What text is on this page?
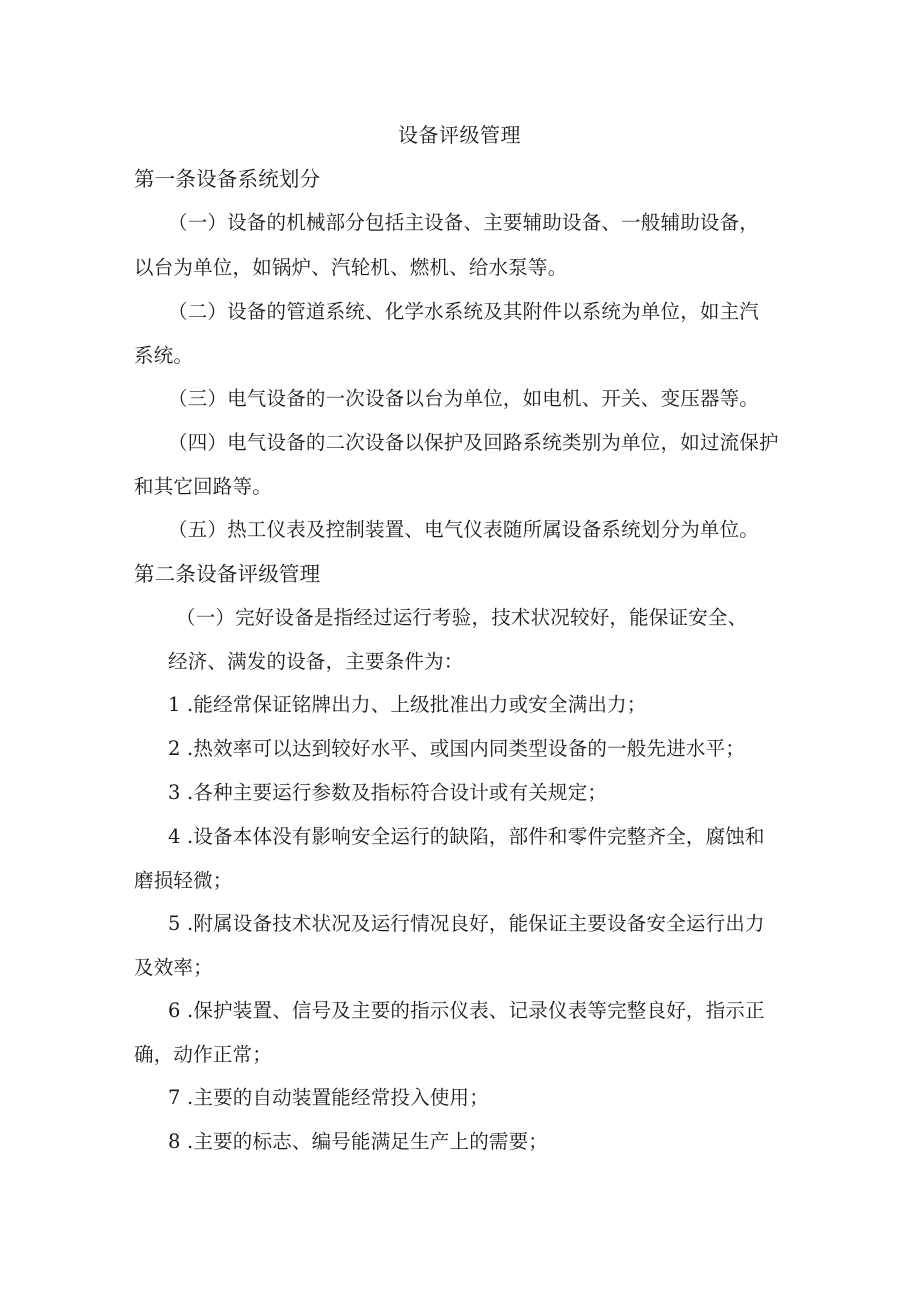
设备评级管理
第一条设备系统划分
（一）设备的机械部分包括主设备、主要辅助设备、一般辅助设备，
以台为单位，如锅炉、汽轮机、燃机、给水泵等。
（二）设备的管道系统、化学水系统及其附件以系统为单位，如主汽
系统。
（三）电气设备的一次设备以台为单位，如电机、开关、变压器等。
（四）电气设备的二次设备以保护及回路系统类别为单位，如过流保护
和其它回路等。
（五）热工仪表及控制装置、电气仪表随所属设备系统划分为单位。
第二条设备评级管理
（一）完好设备是指经过运行考验，技术状况较好，能保证安全、
经济、满发的设备，主要条件为：
1 .能经常保证铭牌出力、上级批准出力或安全满出力；
2 .热效率可以达到较好水平、或国内同类型设备的一般先进水平；
3 .各种主要运行参数及指标符合设计或有关规定；
4 .设备本体没有影响安全运行的缺陷，部件和零件完整齐全，腐蚀和
磨损轻微；
5 .附属设备技术状况及运行情况良好，能保证主要设备安全运行出力
及效率；
6 .保护装置、信号及主要的指示仪表、记录仪表等完整良好，指示正
确，动作正常；
7 .主要的自动装置能经常投入使用；
8 .主要的标志、编号能满足生产上的需要；
